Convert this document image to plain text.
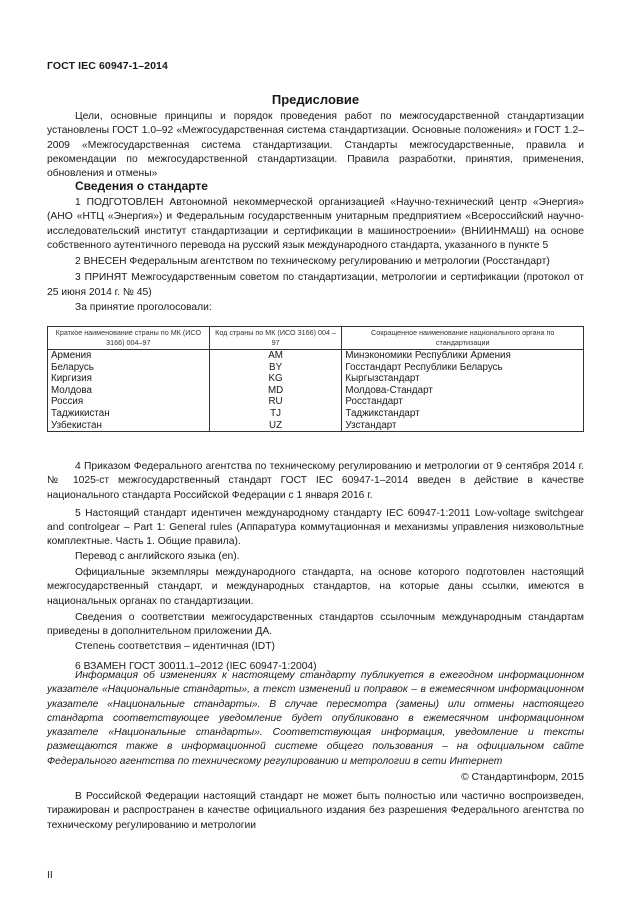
ГОСТ IEC 60947-1–2014
Предисловие

Цели, основные принципы и порядок проведения работ по межгосударственной стандартизации установлены ГОСТ 1.0–92 «Межгосударственная система стандартизации. Основные положения» и ГОСТ 1.2–2009 «Межгосударственная система стандартизации. Стандарты межгосударственные, правила и рекомендации по межгосударственной стандартизации. Правила разработки, принятия, применения, обновления и отмены»

Сведения о стандарте

1 ПОДГОТОВЛЕН Автономной некоммерческой организацией «Научно-технический центр «Энергия» (АНО «НТЦ «Энергия») и Федеральным государственным унитарным предприятием «Всероссийский научно-исследовательский институт стандартизации и сертификации в машиностроении» (ВНИИНМАШ) на основе собственного аутентичного перевода на русский язык международного стандарта, указанного в пункте 5

2 ВНЕСЕН Федеральным агентством по техническому регулированию и метрологии (Росстандарт)

3 ПРИНЯТ Межгосударственным советом по стандартизации, метрологии и сертификации (протокол от 25 июня 2014 г. № 45)

За принятие проголосовали:

Краткое наименование страны по МК (ИСО 3166) 004–97	Код страны по МК (ИСО 3166) 004 – 97	Сокращенное наименование национального органа по стандартизации
Армения	AM	Минэкономики Республики Армения
Беларусь	BY	Госстандарт Республики Беларусь
Киргизия	KG	Кыргызстандарт
Молдова	MD	Молдова-Стандарт
Россия	RU	Росстандарт
Таджикистан	TJ	Таджикстандарт
Узбекистан	UZ	Узстандарт

4 Приказом Федерального агентства по техническому регулированию и метрологии от 9 сентября 2014 г. № 1025-ст межгосударственный стандарт ГОСТ IEC 60947-1–2014 введен в действие в качестве национального стандарта Российской Федерации с 1 января 2016 г.

5 Настоящий стандарт идентичен международному стандарту IEC 60947-1:2011 Low-voltage switchgear and controlgear – Part 1: General rules (Аппаратура коммутационная и механизмы управления низковольтные комплектные. Часть 1. Общие правила).

Перевод с английского языка (en).

Официальные экземпляры международного стандарта, на основе которого подготовлен настоящий межгосударственный стандарт, и международных стандартов, на которые даны ссылки, имеются в национальных органах по стандартизации.

Сведения о соответствии межгосударственных стандартов ссылочным международным стандартам приведены в дополнительном приложении ДА.

Степень соответствия – идентичная (IDT)

6 ВЗАМЕН ГОСТ 30011.1–2012 (IEC 60947-1:2004)

Информация об изменениях к настоящему стандарту публикуется в ежегодном информационном указателе «Национальные стандарты», а текст изменений и поправок – в ежемесячном информационном указателе «Национальные стандарты». В случае пересмотра (замены) или отмены настоящего стандарта соответствующее уведомление будет опубликовано в ежемесячном информационном указателе «Национальные стандарты». Соответствующая информация, уведомление и тексты размещаются также в информационной системе общего пользования – на официальном сайте Федерального агентства по техническому регулированию и метрологии в сети Интернет

© Стандартинформ, 2015

В Российской Федерации настоящий стандарт не может быть полностью или частично воспроизведен, тиражирован и распространен в качестве официального издания без разрешения Федерального агентства по техническому регулированию и метрологии

II
